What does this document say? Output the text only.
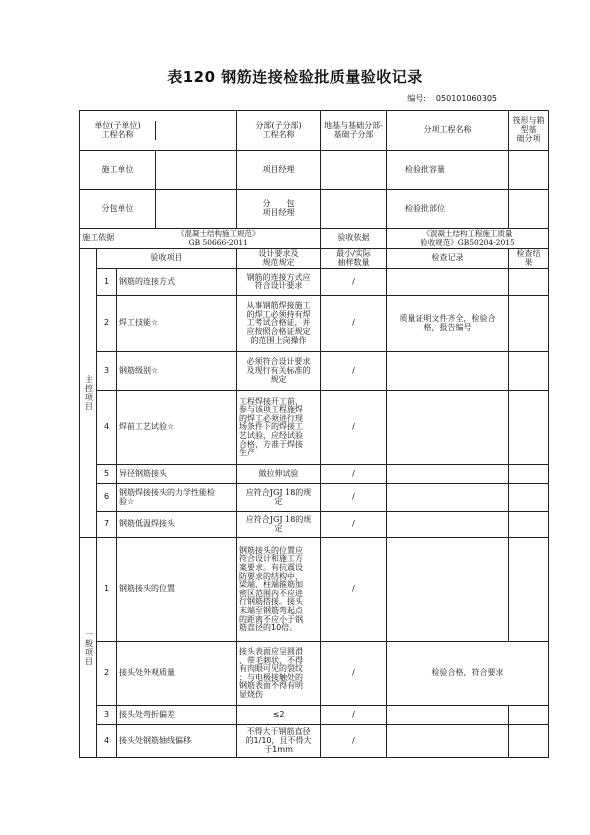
表120 钢筋连接检验批质量验收记录
编号: 050101060305
单位(子单位)
工程名称	
	分部(子分部)
工程名称	地基与基础分部-
基础子分部		分项工程名称
	筏形与箱型基
础分项

施工单位	
		项目经理		检验批容量	

分包单位	
		分　　包
项目经理		检验批部位	
施工依据	《混凝土结构施工规范》
GB 50666-2011	验收依据	《混凝土结构工程施工质量
验收规范》GB50204-2015
主控项目	验收项目	设计要求及
规范规定	最小/实际
抽样数量	检查记录	检查结
果
1	钢筋的连接方式	钢筋的连接方式应
符合设计要求	/		
2	焊工技能☆	从事钢筋焊接施工
的焊工必须持有焊
工考试合格证，并
应按照合格证规定
的范围上岗操作	/	质量证明文件齐全，检验合
格，报告编号	
3	钢筋级别☆	必须符合设计要求
及现行有关标准的
规定	/		
4	焊前工艺试验☆	工程焊接开工前，
参与该项工程施焊
的焊工必须进行现
场条件下的焊接工
艺试验，应经试验
合格，方准于焊接
生产	/		
5	异径钢筋接头	做拉伸试验	/		
6	钢筋焊接接头的力学性能检
验☆	应符合JGJ 18的规
定	/		
7	钢筋低温焊接头	应符合JGJ 18的规
定	/		
一般项目	1	钢筋接头的位置	钢筋接头的位置应
符合设计和施工方
案要求。有抗震设
防要求的结构中，
梁端、柱端箍筋加
密区范围内不应进
行钢筋搭接。接头
末端至钢筋弯起点
的距离不应小于钢
筋直径的10倍。	/		
2	接头处外观质量	接头表面应呈圆滑
、带毛刺状，不得
有肉眼可见的裂纹
；与电极接触处的
钢筋表面不得有明
显烧伤	/	检验合格，符合要求
3	接头处弯折偏差	≤2	/		
4	接头处钢筋轴线偏移	不得大于钢筋直径
的1/10，且不得大
于1mm	/		
